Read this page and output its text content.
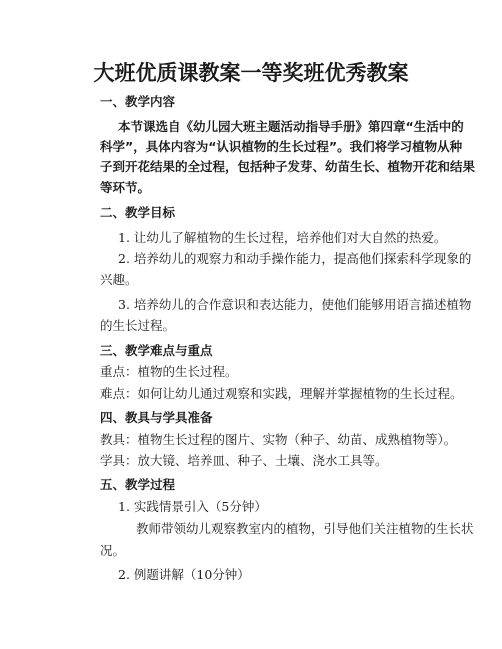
大班优质课教案一等奖班优秀教案

一、教学内容

本节课选自《幼儿园大班主题活动指导手册》第四章“生活中的

科学”，具体内容为“认识植物的生长过程”。我们将学习植物从种

子到开花结果的全过程，包括种子发芽、幼苗生长、植物开花和结果

等环节。

二、教学目标

1. 让幼儿了解植物的生长过程，培养他们对大自然的热爱。

2. 培养幼儿的观察力和动手操作能力，提高他们探索科学现象的

兴趣。

3. 培养幼儿的合作意识和表达能力，使他们能够用语言描述植物

的生长过程。

三、教学难点与重点

重点：植物的生长过程。

难点：如何让幼儿通过观察和实践，理解并掌握植物的生长过程。

四、教具与学具准备

教具：植物生长过程的图片、实物（种子、幼苗、成熟植物等）。

学具：放大镜、培养皿、种子、土壤、浇水工具等。

五、教学过程

1. 实践情景引入（5分钟）

教师带领幼儿观察教室内的植物，引导他们关注植物的生长状

况。

2. 例题讲解（10分钟）
